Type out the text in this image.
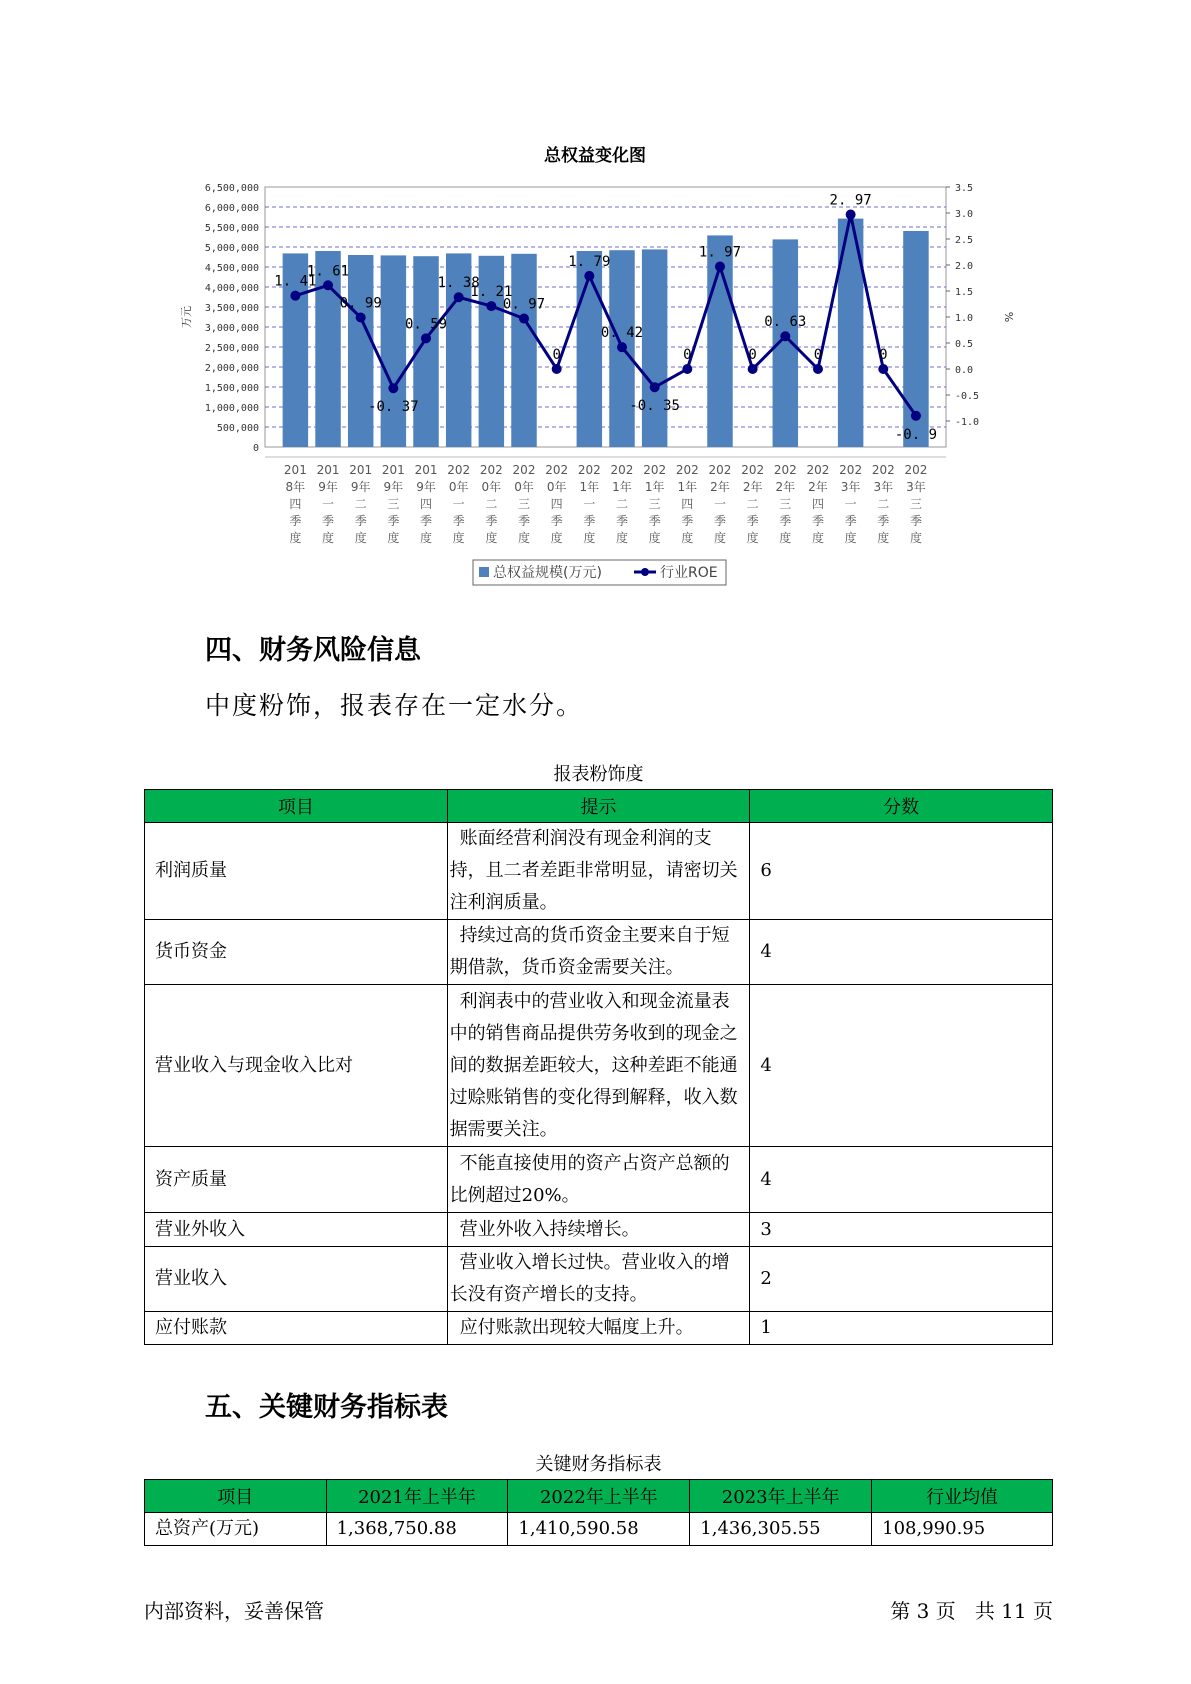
总权益变化图
6,500,000
6,000,000
5,500,000
5,000,000
4,500,000
4,000,000
3,500,000
3,000,000
2,500,000
2,000,000
1,500,000
1,000,000
500,000
0
3.5
3.0
2.5
2.0
1.5
1.0
0.5
0.0
-0.5
-1.0
万元	%
1. 41
1. 61
0. 99
-0. 37
0. 59
1. 38
1. 21
0. 97
0
1. 79
0. 42
-0. 35
0
1. 97
0
0. 63
0
2. 97
0
-0. 9
201
8年
四
季
度
201
9年
一
季
度
201
9年
二
季
度
201
9年
三
季
度
201
9年
四
季
度
202
0年
一
季
度
202
0年
二
季
度
202
0年
三
季
度
202
0年
四
季
度
202
1年
一
季
度
202
1年
二
季
度
202
1年
三
季
度
202
1年
四
季
度
202
2年
一
季
度
202
2年
二
季
度
202
2年
三
季
度
202
2年
四
季
度
202
3年
一
季
度
202
3年
二
季
度
202
3年
三
季
度
总权益规模(万元)	行业ROE
四、财务风险信息
中度粉饰，报表存在一定水分。
报表粉饰度
项目	提示	分数
利润质量	账面经营利润没有现金利润的支持，且二者差距非常明显，请密切关注利润质量。	6
货币资金	持续过高的货币资金主要来自于短期借款，货币资金需要关注。	4
营业收入与现金收入比对	利润表中的营业收入和现金流量表中的销售商品提供劳务收到的现金之间的数据差距较大，这种差距不能通过赊账销售的变化得到解释，收入数据需要关注。	4
资产质量	不能直接使用的资产占资产总额的比例超过20%。	4
营业外收入	营业外收入持续增长。	3
营业收入	营业收入增长过快。营业收入的增长没有资产增长的支持。	2
应付账款	应付账款出现较大幅度上升。	1
五、关键财务指标表
关键财务指标表
项目	2021年上半年	2022年上半年	2023年上半年	行业均值
总资产(万元)	1,368,750.88	1,410,590.58	1,436,305.55	108,990.95
内部资料，妥善保管	第 3 页   共 11 页
